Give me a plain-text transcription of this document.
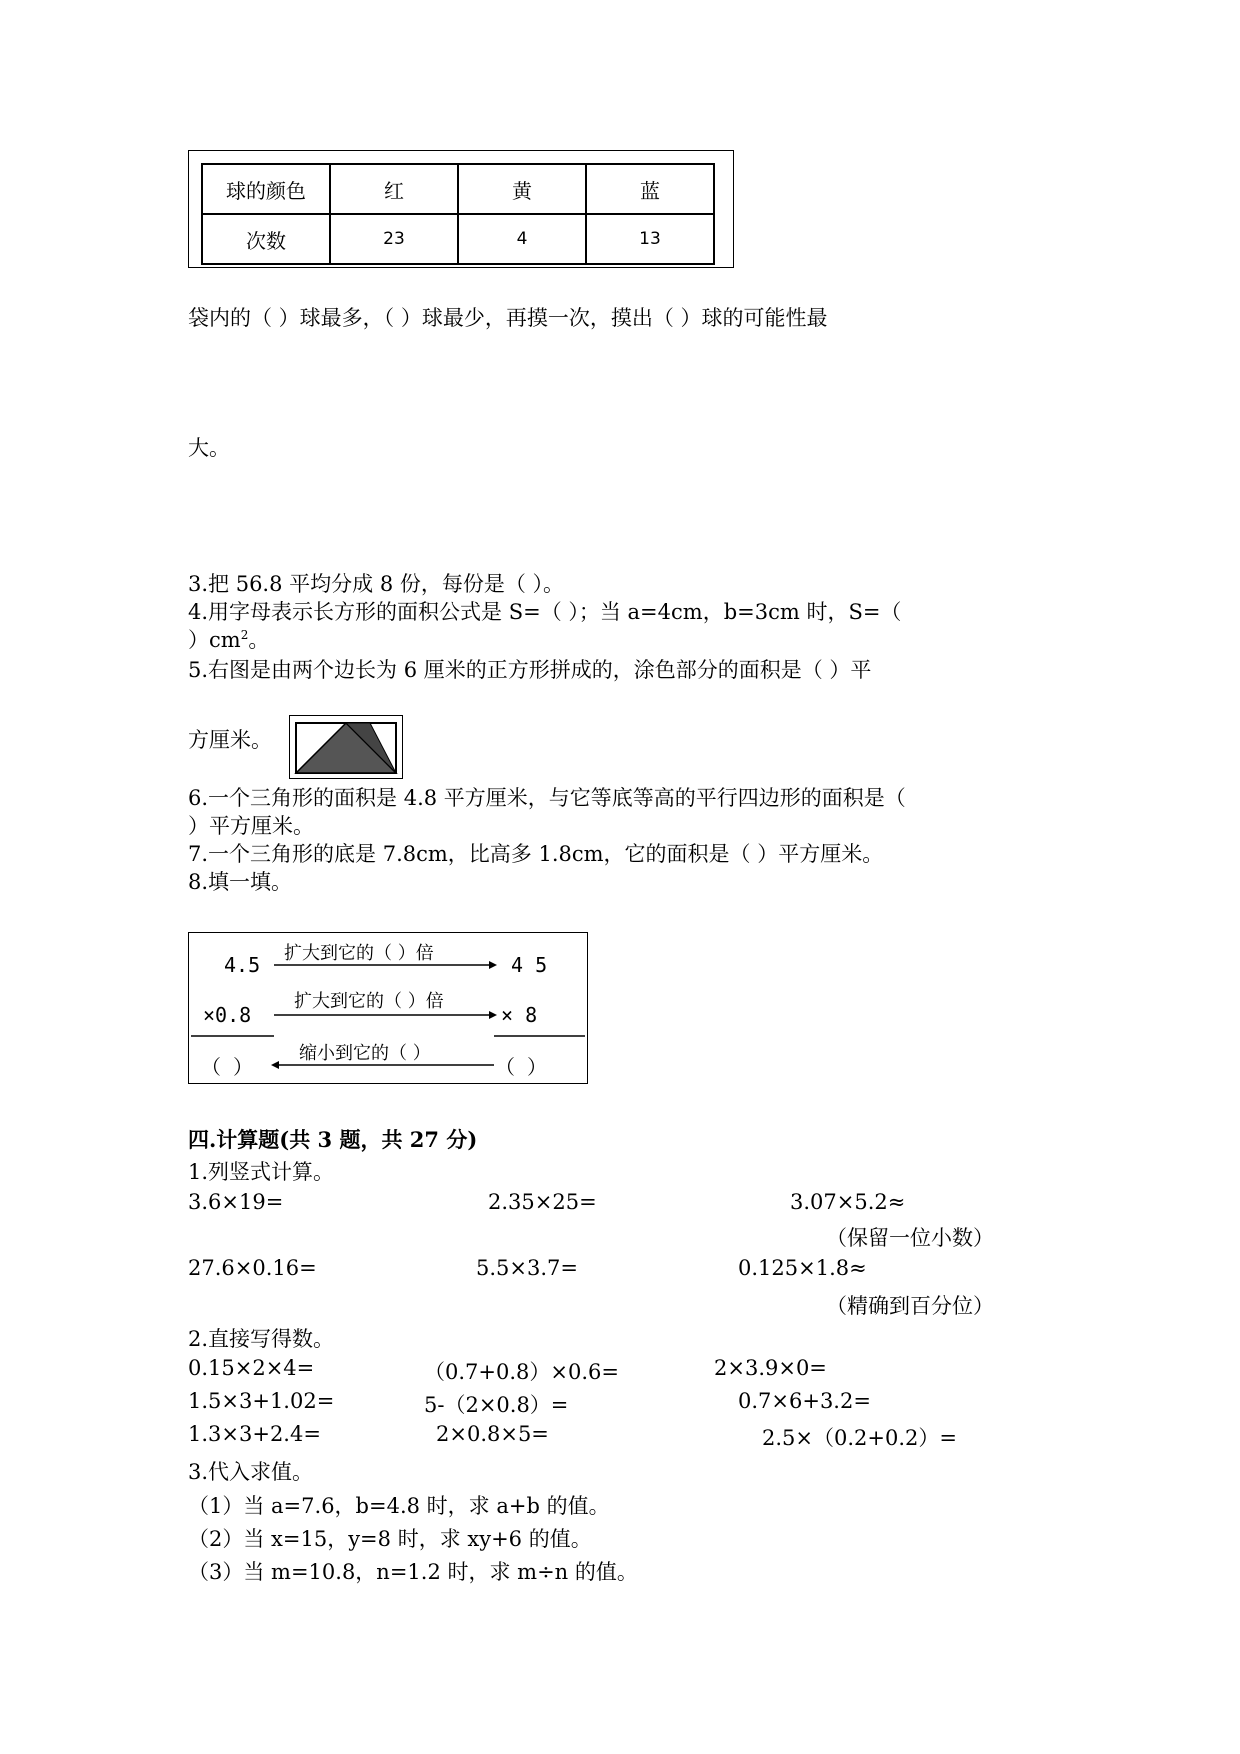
球的颜色	红	黄	蓝
次数	23	4	13
袋内的（ ）球最多，（ ）球最少，再摸一次，摸出（ ）球的可能性最
大。
3.把 56.8 平均分成 8 份，每份是（ ）。
4.用字母表示长方形的面积公式是 S=（ ）；当 a=4cm，b=3cm 时，S=（
）$cm^2$。
5.右图是由两个边长为 6 厘米的正方形拼成的，涂色部分的面积是（ ）平
方厘米。
6.一个三角形的面积是 4.8 平方厘米，与它等底等高的平行四边形的面积是（
）平方厘米。
7.一个三角形的底是 7.8cm，比高多 1.8cm，它的面积是（ ）平方厘米。
8.填一填。
4.5	4 5
×0.8	× 8
（ ）	（ ）
扩大到它的（ ）倍
扩大到它的（ ）倍
缩小到它的（ ）
四.计算题(共 3 题，共 27 分)
1.列竖式计算。
3.6×19=	2.35×25=	3.07×5.2≈
（保留一位小数）
27.6×0.16=	5.5×3.7=	0.125×1.8≈
（精确到百分位）
2.直接写得数。
0.15×2×4=	（0.7+0.8）×0.6=	2×3.9×0=
1.5×3+1.02=	5-（2×0.8）=	0.7×6+3.2=
1.3×3+2.4=	2×0.8×5=	2.5×（0.2+0.2）=
3.代入求值。
（1）当 a=7.6，b=4.8 时，求 a+b 的值。
（2）当 x=15，y=8 时，求 xy+6 的值。
（3）当 m=10.8，n=1.2 时，求 m÷n 的值。
